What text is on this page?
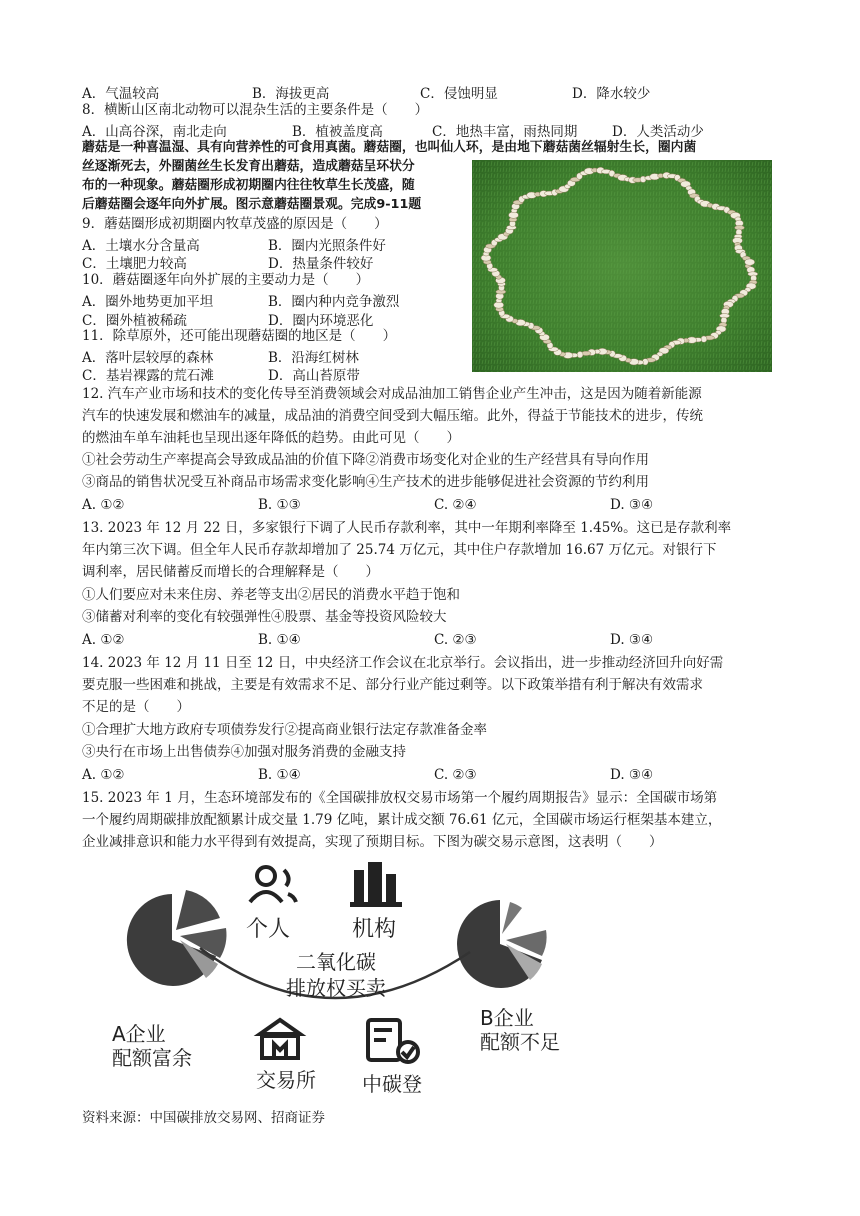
A．气温较高	B．海拔更高	C．侵蚀明显	D．降水较少
8．横断山区南北动物可以混杂生活的主要条件是（　　）
A．山高谷深，南北走向	B．植被盖度高	C．地热丰富，雨热同期	D．人类活动少
蘑菇是一种喜温湿、具有向营养性的可食用真菌。蘑菇圈，也叫仙人环，是由地下蘑菇菌丝辐射生长，圈内菌
丝逐渐死去，外圈菌丝生长发育出蘑菇，造成蘑菇呈环状分
布的一种现象。蘑菇圈形成初期圈内往往牧草生长茂盛，随
后蘑菇圈会逐年向外扩展。图示意蘑菇圈景观。完成9-11题
9．蘑菇圈形成初期圈内牧草茂盛的原因是（　　）
A．土壤水分含量高	B．圈内光照条件好
C．土壤肥力较高	D．热量条件较好
10．蘑菇圈逐年向外扩展的主要动力是（　　）
A．圈外地势更加平坦	B．圈内种内竞争激烈
C．圈外植被稀疏	D．圈内环境恶化
11．除草原外，还可能出现蘑菇圈的地区是（　　）
A．落叶层较厚的森林	B．沿海红树林
C．基岩裸露的荒石滩	D．高山苔原带
12. 汽车产业市场和技术的变化传导至消费领域会对成品油加工销售企业产生冲击，这是因为随着新能源
汽车的快速发展和燃油车的减量，成品油的消费空间受到大幅压缩。此外，得益于节能技术的进步，传统
的燃油车单车油耗也呈现出逐年降低的趋势。由此可见（　　）
①社会劳动生产率提高会导致成品油的价值下降②消费市场变化对企业的生产经营具有导向作用
③商品的销售状况受互补商品市场需求变化影响④生产技术的进步能够促进社会资源的节约利用
A. ①②	B. ①③	C. ②④	D. ③④
13. 2023 年 12 月 22 日，多家银行下调了人民币存款利率，其中一年期利率降至 1.45%。这已是存款利率
年内第三次下调。但全年人民币存款却增加了 25.74 万亿元，其中住户存款增加 16.67 万亿元。对银行下
调利率，居民储蓄反而增长的合理解释是（　　）
①人们要应对未来住房、养老等支出②居民的消费水平趋于饱和
③储蓄对利率的变化有较强弹性④股票、基金等投资风险较大
A. ①②	B. ①④	C. ②③	D. ③④
14. 2023 年 12 月 11 日至 12 日，中央经济工作会议在北京举行。会议指出，进一步推动经济回升向好需
要克服一些困难和挑战，主要是有效需求不足、部分行业产能过剩等。以下政策举措有利于解决有效需求
不足的是（　　）
①合理扩大地方政府专项债券发行②提高商业银行法定存款准备金率
③央行在市场上出售债券④加强对服务消费的金融支持
A. ①②	B. ①④	C. ②③	D. ③④
15. 2023 年 1 月，生态环境部发布的《全国碳排放权交易市场第一个履约周期报告》显示：全国碳市场第
一个履约周期碳排放配额累计成交量 1.79 亿吨，累计成交额 76.61 亿元，全国碳市场运行框架基本建立，
企业减排意识和能力水平得到有效提高，实现了预期目标。下图为碳交易示意图，这表明（　　）
个人	机构
二氧化碳
排放权买卖
A企业
配额富余
B企业
配额不足
交易所 中碳登
资料来源：中国碳排放交易网、招商证券
